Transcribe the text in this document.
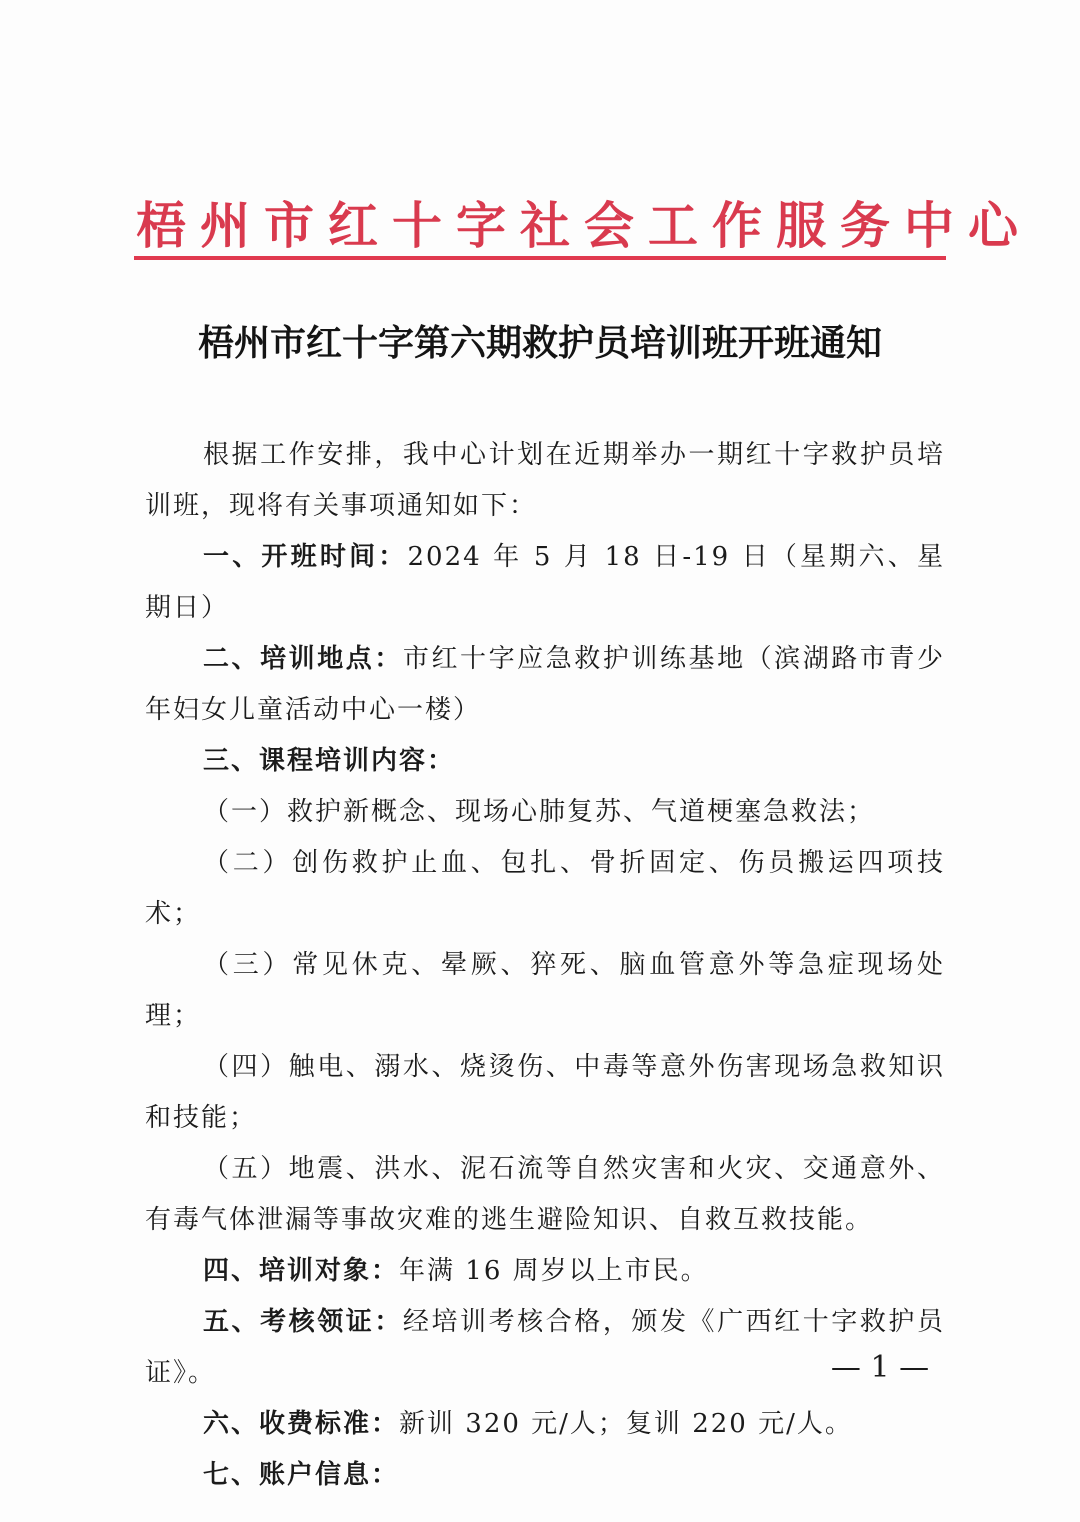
梧州市红十字社会工作服务中心
梧州市红十字第六期救护员培训班开班通知

根据工作安排，我中心计划在近期举办一期红十字救护员培训班，现将有关事项通知如下：

一、开班时间：2024 年 5 月 18 日-19 日（星期六、星期日）

二、培训地点：市红十字应急救护训练基地（滨湖路市青少年妇女儿童活动中心一楼）

三、课程培训内容：

（一）救护新概念、现场心肺复苏、气道梗塞急救法；

（二）创伤救护止血、包扎、骨折固定、伤员搬运四项技术；

（三）常见休克、晕厥、猝死、脑血管意外等急症现场处理；

（四）触电、溺水、烧烫伤、中毒等意外伤害现场急救知识和技能；

（五）地震、洪水、泥石流等自然灾害和火灾、交通意外、有毒气体泄漏等事故灾难的逃生避险知识、自救互救技能。

四、培训对象：年满 16 周岁以上市民。

五、考核领证：经培训考核合格，颁发《广西红十字救护员证》。

六、收费标准：新训 320 元/人；复训 220 元/人。

七、账户信息：

— 1 —
